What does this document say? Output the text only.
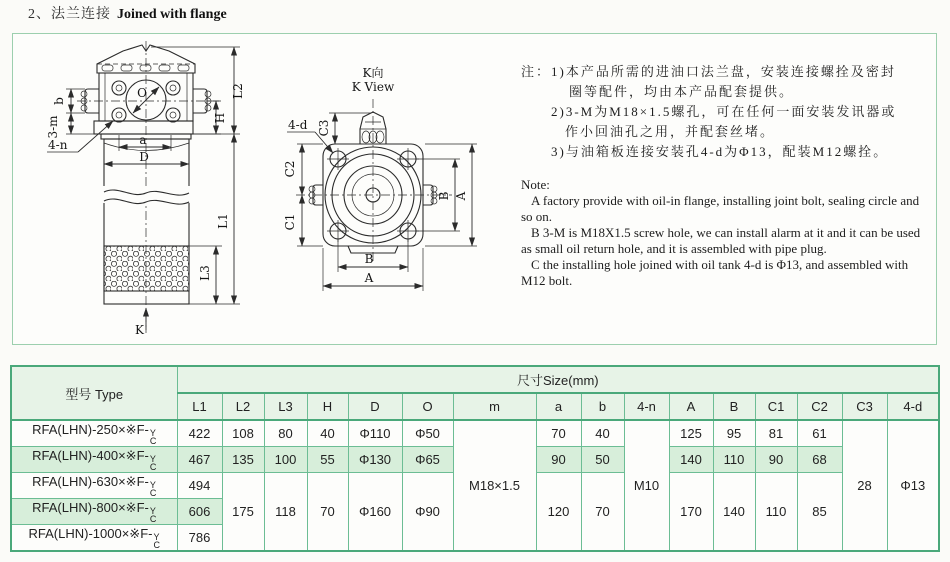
2、法兰连接 Joined with flange
O
K
b
3-m
4-n	a
D
H
L2
L1
L3
K向
K View
C3
4-d
C2
C1
B A
B
A
注：1)本产品所需的进油口法兰盘，安装连接螺拴及密封
圈等配件，均由本产品配套提供。
2)3-M为M18×1.5螺孔，可在任何一面安装发讯器或
作小回油孔之用，并配套丝堵。
3)与油箱板连接安装孔4-d为Φ13，配装M12螺拴。

Note:

A factory provide with oil-in flange, installing joint bolt, sealing circle and so on.

B 3-M is M18X1.5 screw hole, we can install alarm at it and it can be used as small oil return hole, and it is assembled with pipe plug.

C the installing hole joined with oil tank 4-d is Φ13, and assembled with M12 bolt.

型号 Type	尺寸Size(mm)															
	L1	L2	L3	H	D	O	m	a	b	4-n	A	B	C1	C2	C3	4-d
RFA(LHN)-250×※F- Y
C	422	108	80	40	Φ110	Φ50	M18×1.5	70	40	M10	125	95	81	61	28	Φ13
RFA(LHN)-400×※F- Y
C	467	135	100	55	Φ130	Φ65		90	50		140	110	90	68		
RFA(LHN)-630×※F- Y
C	494	175	118	70	Φ160	Φ90		120	70		170	140	110	85		
RFA(LHN)-800×※F- Y
C	606															
RFA(LHN)-1000×※F- Y
C	786															
